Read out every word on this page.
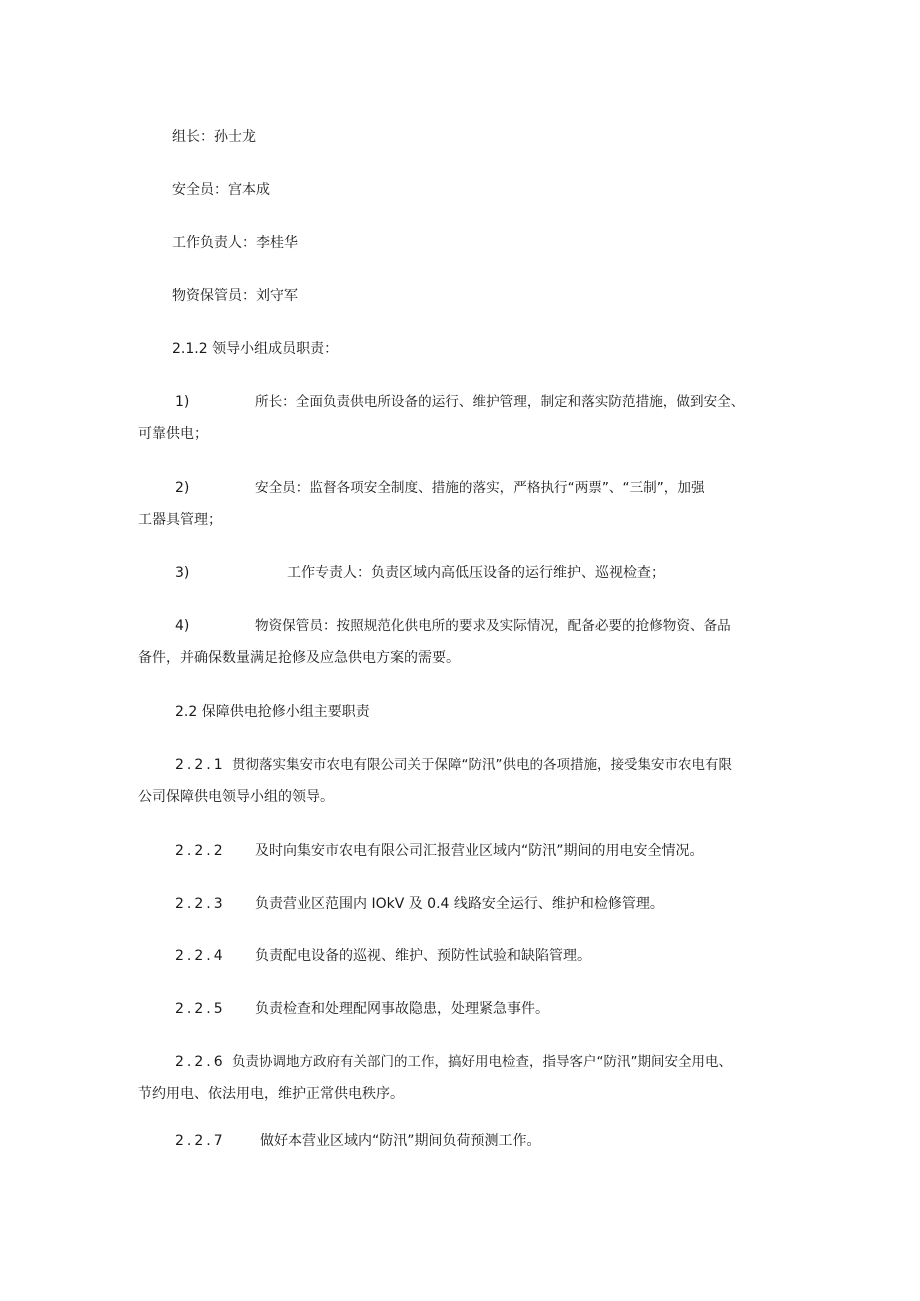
组长：孙士龙
安全员：宫本成
工作负责人：李桂华
物资保管员：刘守军
2.1.2 领导小组成员职责：
1)	所长：全面负责供电所设备的运行、维护管理，制定和落实防范措施，做到安全、
可靠供电；
2)	安全员：监督各项安全制度、措施的落实，严格执行“两票”、“三制”，加强
工器具管理；
3)	工作专责人：负责区域内高低压设备的运行维护、巡视检查；
4)	物资保管员：按照规范化供电所的要求及实际情况，配备必要的抢修物资、备品
备件，并确保数量满足抢修及应急供电方案的需要。
2.2 保障供电抢修小组主要职责
2.2.1 贯彻落实集安市农电有限公司关于保障“防汛”供电的各项措施，接受集安市农电有限
公司保障供电领导小组的领导。
2.2.2 及时向集安市农电有限公司汇报营业区域内“防汛”期间的用电安全情况。
2.2.3 负责营业区范围内 IOkV 及 0.4 线路安全运行、维护和检修管理。
2.2.4 负责配电设备的巡视、维护、预防性试验和缺陷管理。
2.2.5 负责检查和处理配网事故隐患，处理紧急事件。
2.2.6 负责协调地方政府有关部门的工作，搞好用电检查，指导客户“防汛”期间安全用电、
节约用电、依法用电，维护正常供电秩序。
2.2.7 做好本营业区域内“防汛”期间负荷预测工作。
